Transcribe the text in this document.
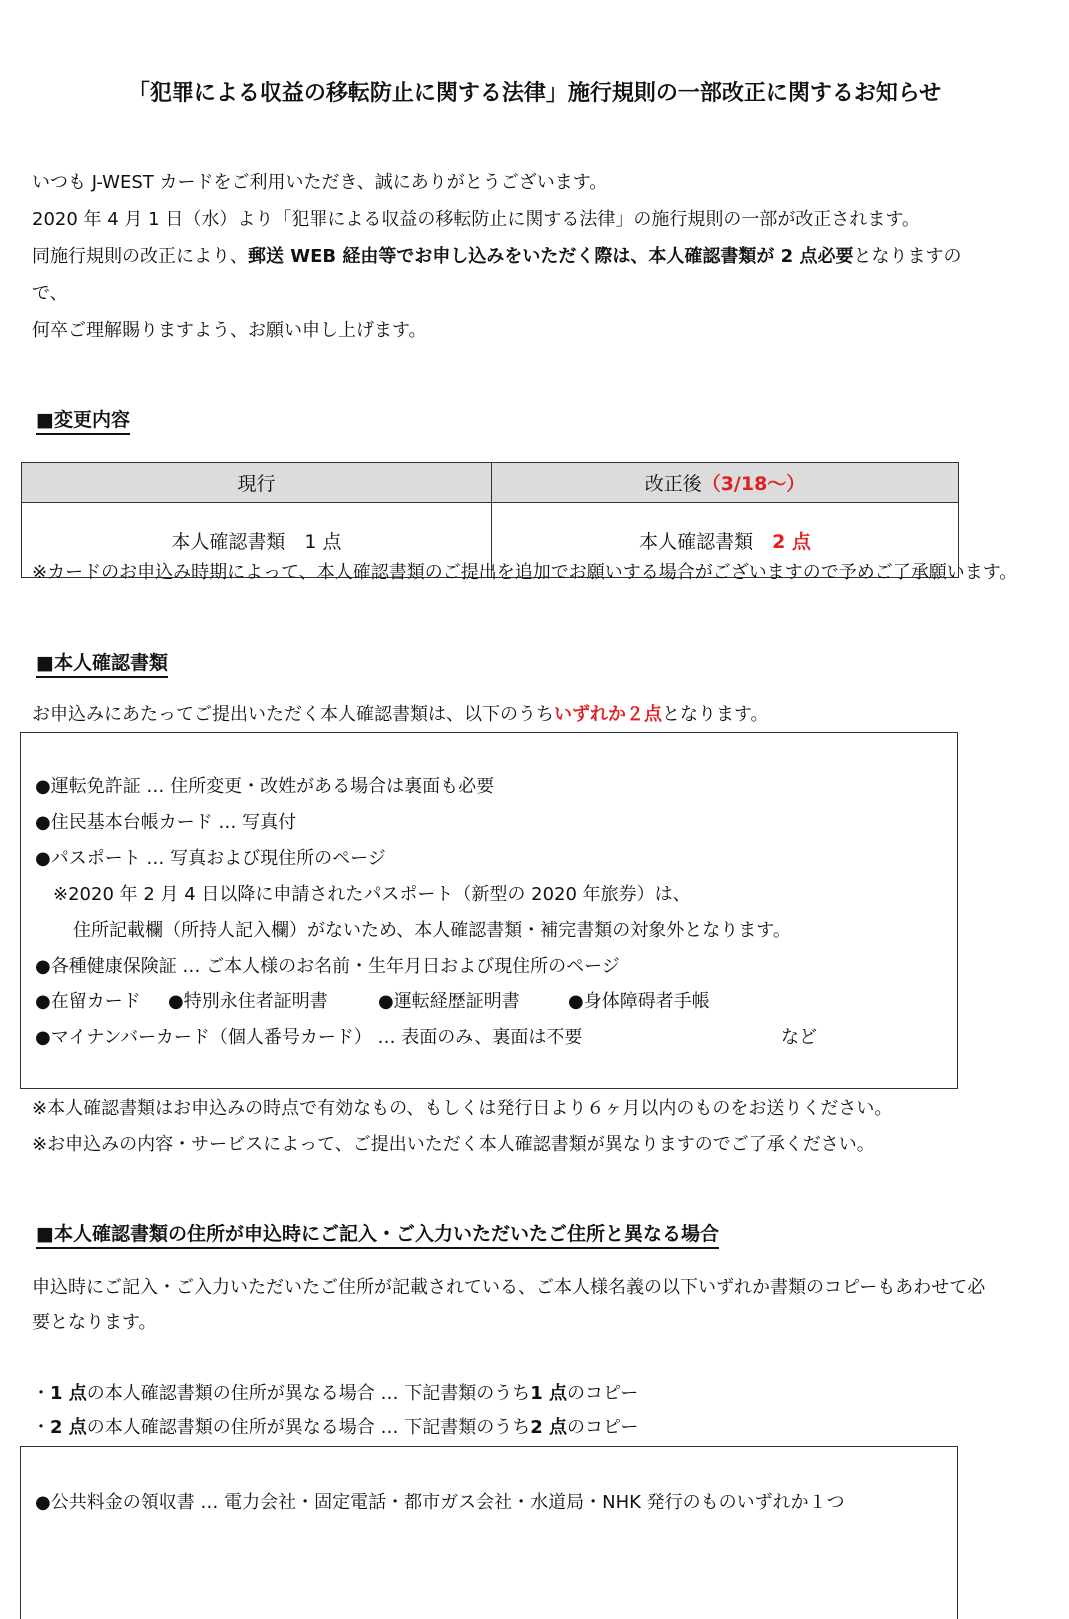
「犯罪による収益の移転防止に関する法律」施行規則の一部改正に関するお知らせ
いつも J-WEST カードをご利用いただき、誠にありがとうございます。
2020 年 4 月 1 日（水）より「犯罪による収益の移転防止に関する法律」の施行規則の一部が改正されます。
同施行規則の改正により、郵送 WEB 経由等でお申し込みをいただく際は、本人確認書類が 2 点必要となりますの
で、
何卒ご理解賜りますよう、お願い申し上げます。
■変更内容
現行	改正後（3/18～）
本人確認書類　1 点	本人確認書類　 2 点
※カードのお申込み時期によって、本人確認書類のご提出を追加でお願いする場合がございますので予めご了承願います。
■本人確認書類
お申込みにあたってご提出いただく本人確認書類は、以下のうちいずれか２点となります。
●運転免許証 … 住所変更・改姓がある場合は裏面も必要
●住民基本台帳カード … 写真付
●パスポート … 写真および現住所のページ
※2020 年 2 月 4 日以降に申請されたパスポート（新型の 2020 年旅券）は、
住所記載欄（所持人記入欄）がないため、本人確認書類・補完書類の対象外となります。
●各種健康保険証 … ご本人様のお名前・生年月日および現住所のページ
●在留カード ●特別永住者証明書	●運転経歴証明書	●身体障碍者手帳
●マイナンバーカード（個人番号カード） … 表面のみ、裏面は不要	など
※本人確認書類はお申込みの時点で有効なもの、もしくは発行日より６ヶ月以内のものをお送りください。
※お申込みの内容・サービスによって、ご提出いただく本人確認書類が異なりますのでご了承ください。
■本人確認書類の住所が申込時にご記入・ご入力いただいたご住所と異なる場合
申込時にご記入・ご入力いただいたご住所が記載されている、ご本人様名義の以下いずれか書類のコピーもあわせて必
要となります。
・1 点の本人確認書類の住所が異なる場合 … 下記書類のうち1 点のコピー
・2 点の本人確認書類の住所が異なる場合 … 下記書類のうち2 点のコピー
●公共料金の領収書 … 電力会社・固定電話・都市ガス会社・水道局・NHK 発行のものいずれか１つ
